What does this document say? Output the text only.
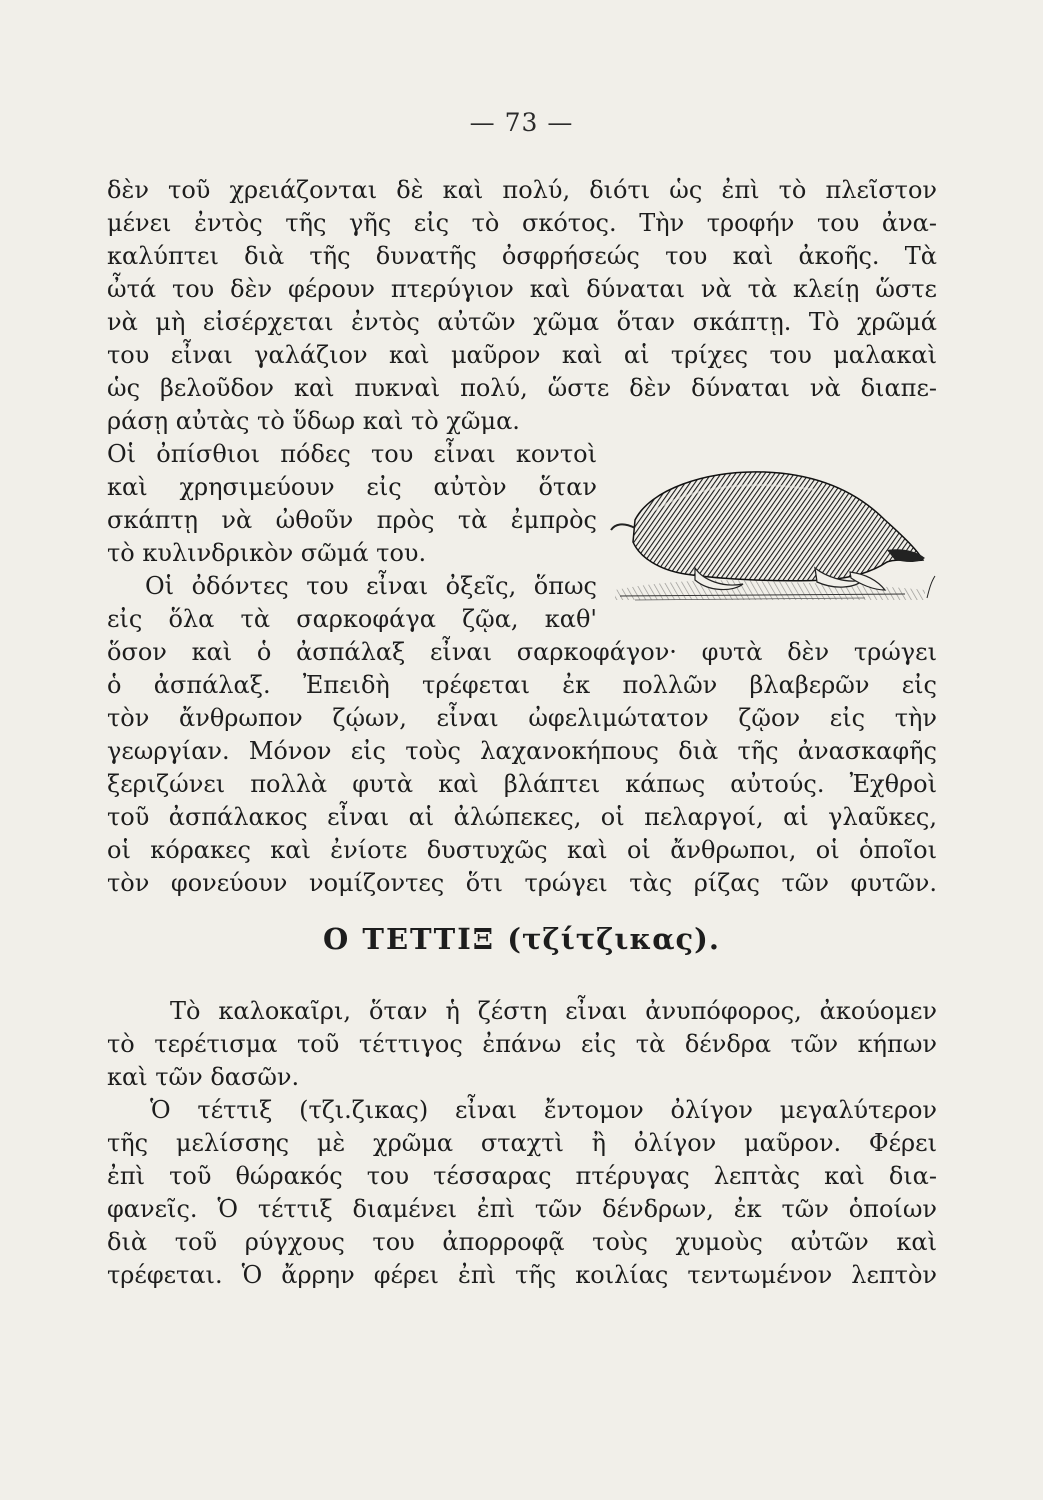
— 73 —
δὲν τοῦ χρειάζονται δὲ καὶ πολύ, διότι ὡς ἐπὶ τὸ πλεῖστον
μένει ἐντὸς τῆς γῆς εἰς τὸ σκότος. Τὴν τροφήν του ἀνα-
καλύπτει διὰ τῆς δυνατῆς ὀσφρήσεώς του καὶ ἀκοῆς. Τὰ
ὦτά του δὲν φέρουν πτερύγιον καὶ δύναται νὰ τὰ κλείῃ ὥστε
νὰ μὴ εἰσέρχεται ἐντὸς αὐτῶν χῶμα ὅταν σκάπτῃ. Τὸ χρῶμά
του εἶναι γαλάζιον καὶ μαῦρον καὶ αἱ τρίχες του μαλακαὶ
ὡς βελοῦδον καὶ πυκναὶ πολύ, ὥστε δὲν δύναται νὰ διαπε-
ράσῃ αὐτὰς τὸ ὕδωρ καὶ τὸ χῶμα.
Οἱ ὀπίσθιοι πόδες του εἶναι κοντοὶ
καὶ χρησιμεύουν εἰς αὐτὸν ὅταν
σκάπτῃ νὰ ὠθοῦν πρὸς τὰ ἐμπρὸς
τὸ κυλινδρικὸν σῶμά του.
Οἱ ὀδόντες του εἶναι ὀξεῖς, ὅπως
εἰς ὅλα τὰ σαρκοφάγα ζῷα, καθ'
ὅσον καὶ ὁ ἀσπάλαξ εἶναι σαρκοφάγον· φυτὰ δὲν τρώγει
ὁ ἀσπάλαξ. Ἐπειδὴ τρέφεται ἐκ πολλῶν βλαβερῶν εἰς
τὸν ἄνθρωπον ζῴων, εἶναι ὠφελιμώτατον ζῷον εἰς τὴν
γεωργίαν. Μόνον εἰς τοὺς λαχανοκήπους διὰ τῆς ἀνασκαφῆς
ξεριζώνει πολλὰ φυτὰ καὶ βλάπτει κάπως αὐτούς. Ἐχθροὶ
τοῦ ἀσπάλακος εἶναι αἱ ἀλώπεκες, οἱ πελαργοί, αἱ γλαῦκες,
οἱ κόρακες καὶ ἐνίοτε δυστυχῶς καὶ οἱ ἄνθρωποι, οἱ ὁποῖοι
τὸν φονεύουν νομίζοντες ὅτι τρώγει τὰς ρίζας τῶν φυτῶν.
Ο ΤΕΤΤΙΞ (τζίτζικας).
Τὸ καλοκαῖρι, ὅταν ἡ ζέστη εἶναι ἀνυπόφορος, ἀκούομεν
τὸ τερέτισμα τοῦ τέττιγος ἐπάνω εἰς τὰ δένδρα τῶν κήπων
καὶ τῶν δασῶν.
Ὁ τέττιξ (τζι.ζικας) εἶναι ἔντομον ὀλίγον μεγαλύτερον
τῆς μελίσσης μὲ χρῶμα σταχτὶ ἢ ὀλίγον μαῦρον. Φέρει
ἐπὶ τοῦ θώρακός του τέσσαρας πτέρυγας λεπτὰς καὶ δια-
φανεῖς. Ὁ τέττιξ διαμένει ἐπὶ τῶν δένδρων, ἐκ τῶν ὁποίων
διὰ τοῦ ρύγχους του ἀπορροφᾷ τοὺς χυμοὺς αὐτῶν καὶ
τρέφεται. Ὁ ἄρρην φέρει ἐπὶ τῆς κοιλίας τεντωμένον λεπτὸν
